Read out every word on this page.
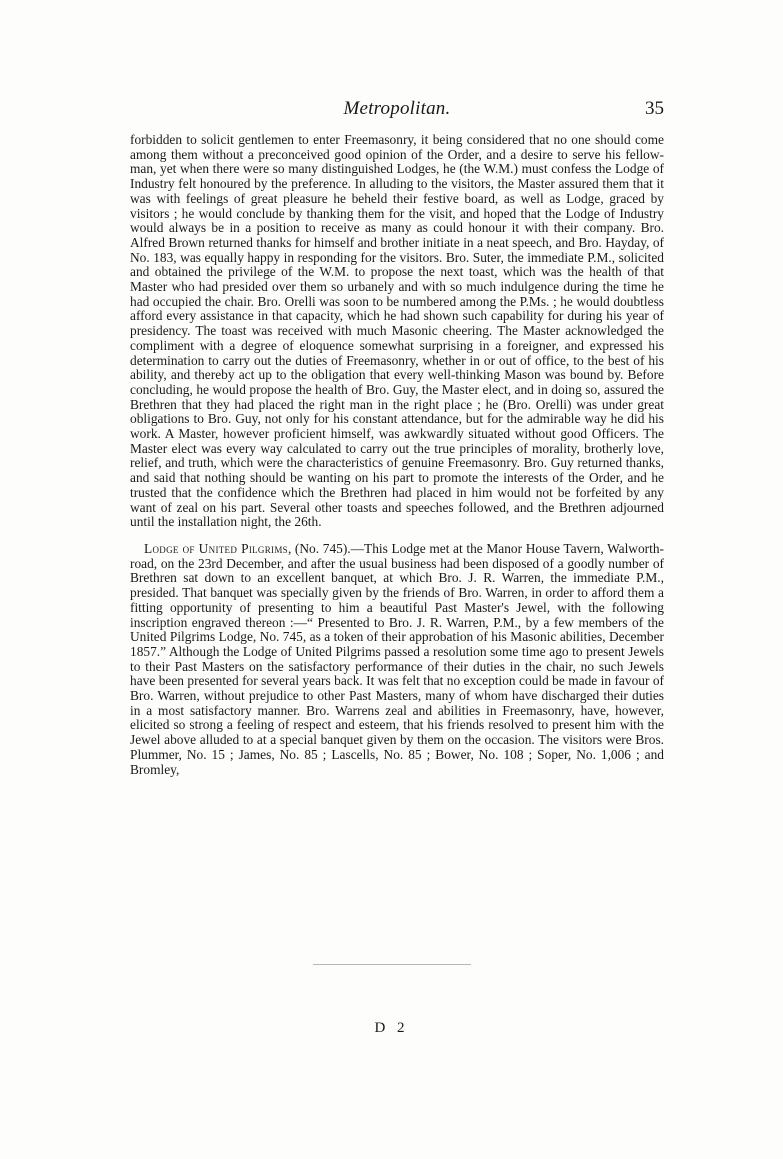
Metropolitan.	35

forbidden to solicit gentlemen to enter Freemasonry, it being considered that no one should come among them without a preconceived good opinion of the Order, and a desire to serve his fellow-man, yet when there were so many distinguished Lodges, he (the W.M.) must confess the Lodge of Industry felt honoured by the preference. In alluding to the visitors, the Master assured them that it was with feelings of great pleasure he beheld their festive board, as well as Lodge, graced by visitors ; he would conclude by thanking them for the visit, and hoped that the Lodge of Industry would always be in a position to receive as many as could honour it with their company. Bro. Alfred Brown returned thanks for himself and brother initiate in a neat speech, and Bro. Hayday, of No. 183, was equally happy in responding for the visitors. Bro. Suter, the immediate P.M., solicited and obtained the privilege of the W.M. to propose the next toast, which was the health of that Master who had presided over them so urbanely and with so much indulgence during the time he had occupied the chair. Bro. Orelli was soon to be numbered among the P.Ms. ; he would doubtless afford every assistance in that capacity, which he had shown such capability for during his year of presidency. The toast was received with much Masonic cheering. The Master acknowledged the compliment with a degree of eloquence somewhat surprising in a foreigner, and expressed his determination to carry out the duties of Freemasonry, whether in or out of office, to the best of his ability, and thereby act up to the obligation that every well-thinking Mason was bound by. Before concluding, he would propose the health of Bro. Guy, the Master elect, and in doing so, assured the Brethren that they had placed the right man in the right place ; he (Bro. Orelli) was under great obligations to Bro. Guy, not only for his constant attendance, but for the admirable way he did his work. A Master, however proficient himself, was awkwardly situated without good Officers. The Master elect was every way calculated to carry out the true principles of morality, brotherly love, relief, and truth, which were the characteristics of genuine Freemasonry. Bro. Guy returned thanks, and said that nothing should be wanting on his part to promote the interests of the Order, and he trusted that the confidence which the Brethren had placed in him would not be forfeited by any want of zeal on his part. Several other toasts and speeches followed, and the Brethren adjourned until the installation night, the 26th.

Lodge of United Pilgrims, (No. 745).—This Lodge met at the Manor House Tavern, Walworth-road, on the 23rd December, and after the usual business had been disposed of a goodly number of Brethren sat down to an excellent banquet, at which Bro. J. R. Warren, the immediate P.M., presided. That banquet was specially given by the friends of Bro. Warren, in order to afford them a fitting opportunity of presenting to him a beautiful Past Master's Jewel, with the following inscription engraved thereon :—“ Presented to Bro. J. R. Warren, P.M., by a few members of the United Pilgrims Lodge, No. 745, as a token of their approbation of his Masonic abilities, December 1857.” Although the Lodge of United Pilgrims passed a resolution some time ago to present Jewels to their Past Masters on the satisfactory performance of their duties in the chair, no such Jewels have been presented for several years back. It was felt that no exception could be made in favour of Bro. Warren, without prejudice to other Past Masters, many of whom have discharged their duties in a most satisfactory manner. Bro. Warrens zeal and abilities in Freemasonry, have, however, elicited so strong a feeling of respect and esteem, that his friends resolved to present him with the Jewel above alluded to at a special banquet given by them on the occasion. The visitors were Bros. Plummer, No. 15 ; James, No. 85 ; Lascells, No. 85 ; Bower, No. 108 ; Soper, No. 1,006 ; and Bromley,

D 2
